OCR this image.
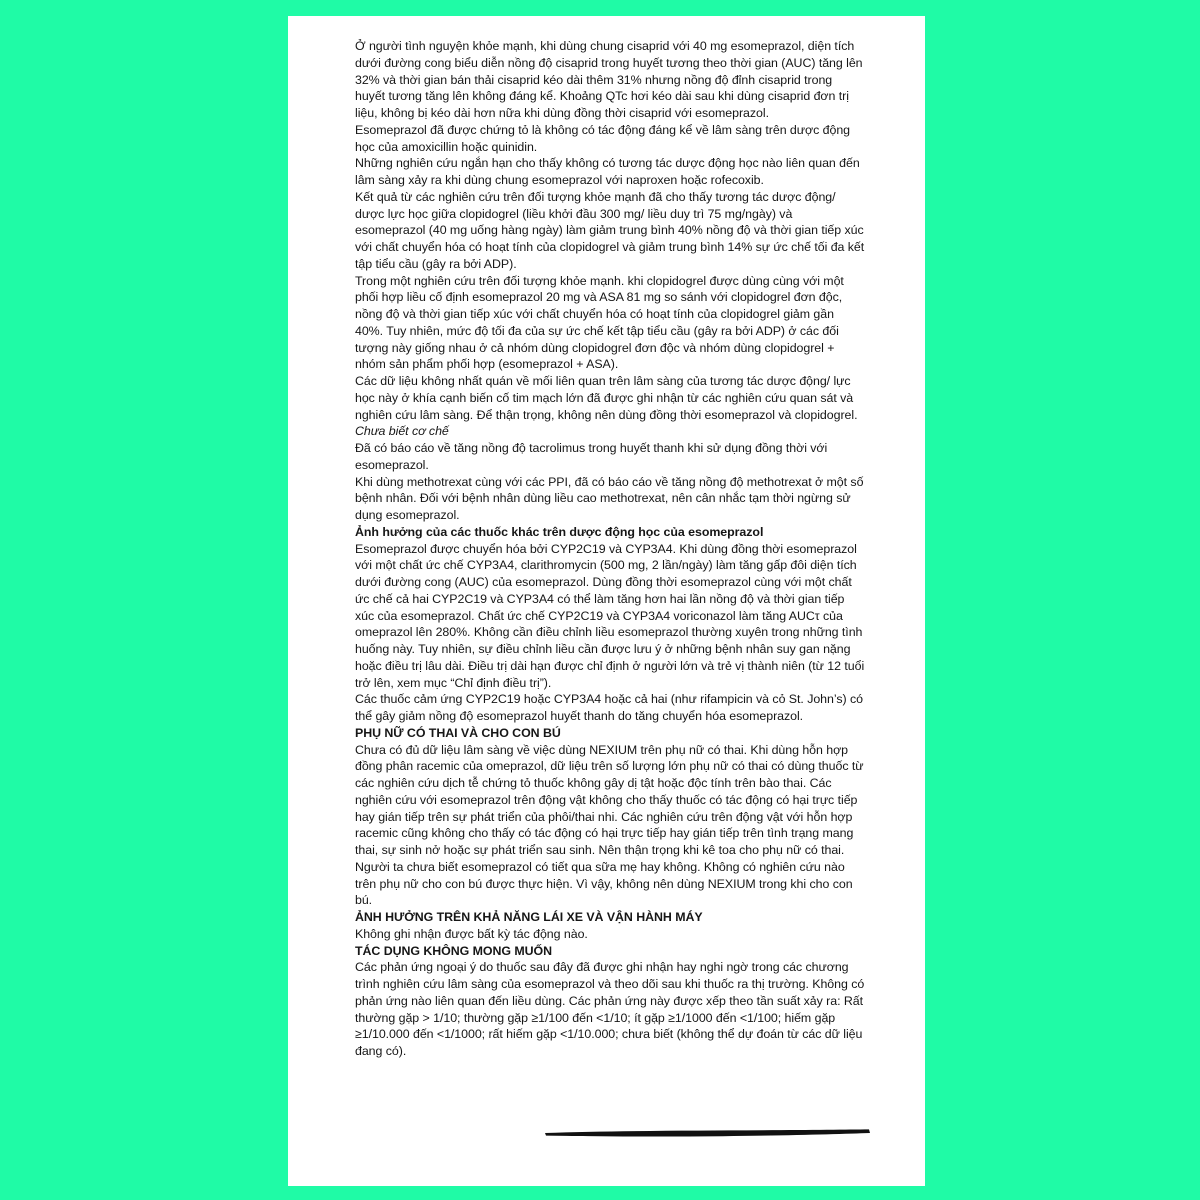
Ở người tình nguyện khỏe mạnh, khi dùng chung cisaprid với 40 mg esomeprazol, diện tích dưới đường cong biểu diễn nồng độ cisaprid trong huyết tương theo thời gian (AUC) tăng lên 32% và thời gian bán thải cisaprid kéo dài thêm 31% nhưng nồng độ đỉnh cisaprid trong huyết tương tăng lên không đáng kể. Khoảng QTc hơi kéo dài sau khi dùng cisaprid đơn trị liệu, không bị kéo dài hơn nữa khi dùng đồng thời cisaprid với esomeprazol.

Esomeprazol đã được chứng tỏ là không có tác động đáng kể về lâm sàng trên dược động học của amoxicillin hoặc quinidin.

Những nghiên cứu ngắn hạn cho thấy không có tương tác dược động học nào liên quan đến lâm sàng xảy ra khi dùng chung esomeprazol với naproxen hoặc rofecoxib.

Kết quả từ các nghiên cứu trên đối tượng khỏe mạnh đã cho thấy tương tác dược động/ dược lực học giữa clopidogrel (liều khởi đầu 300 mg/ liều duy trì 75 mg/ngày) và esomeprazol (40 mg uống hàng ngày) làm giảm trung bình 40% nồng độ và thời gian tiếp xúc với chất chuyển hóa có hoạt tính của clopidogrel và giảm trung bình 14% sự ức chế tối đa kết tập tiểu cầu (gây ra bởi ADP).

Trong một nghiên cứu trên đối tượng khỏe mạnh. khi clopidogrel được dùng cùng với một phối hợp liều cố định esomeprazol 20 mg và ASA 81 mg so sánh với clopidogrel đơn độc, nồng độ và thời gian tiếp xúc với chất chuyển hóa có hoạt tính của clopidogrel giảm gần 40%. Tuy nhiên, mức độ tối đa của sự ức chế kết tập tiểu cầu (gây ra bởi ADP) ở các đối tượng này giống nhau ở cả nhóm dùng clopidogrel đơn độc và nhóm dùng clopidogrel + nhóm sản phẩm phối hợp (esomeprazol + ASA).

Các dữ liệu không nhất quán về mối liên quan trên lâm sàng của tương tác dược động/ lực học này ở khía cạnh biến cố tim mạch lớn đã được ghi nhận từ các nghiên cứu quan sát và nghiên cứu lâm sàng. Để thận trọng, không nên dùng đồng thời esomeprazol và clopidogrel.

Chưa biết cơ chế

Đã có báo cáo về tăng nồng độ tacrolimus trong huyết thanh khi sử dụng đồng thời với esomeprazol.

Khi dùng methotrexat cùng với các PPI, đã có báo cáo về tăng nồng độ methotrexat ở một số bệnh nhân. Đối với bệnh nhân dùng liều cao methotrexat, nên cân nhắc tạm thời ngừng sử dụng esomeprazol.

Ảnh hưởng của các thuốc khác trên dược động học của esomeprazol

Esomeprazol được chuyển hóa bởi CYP2C19 và CYP3A4. Khi dùng đồng thời esomeprazol với một chất ức chế CYP3A4, clarithromycin (500 mg, 2 lần/ngày) làm tăng gấp đôi diện tích dưới đường cong (AUC) của esomeprazol. Dùng đồng thời esomeprazol cùng với một chất ức chế cả hai CYP2C19 và CYP3A4 có thể làm tăng hơn hai lần nồng độ và thời gian tiếp xúc của esomeprazol. Chất ức chế CYP2C19 và CYP3A4 voriconazol làm tăng AUCτ của omeprazol lên 280%. Không cần điều chỉnh liều esomeprazol thường xuyên trong những tình huống này. Tuy nhiên, sự điều chỉnh liều cần được lưu ý ở những bệnh nhân suy gan nặng hoặc điều trị lâu dài. Điều trị dài hạn được chỉ định ở người lớn và trẻ vị thành niên (từ 12 tuổi trở lên, xem mục “Chỉ định điều trị”).

Các thuốc cảm ứng CYP2C19 hoặc CYP3A4 hoặc cả hai (như rifampicin và cỏ St. John’s) có thể gây giảm nồng độ esomeprazol huyết thanh do tăng chuyển hóa esomeprazol.

PHỤ NỮ CÓ THAI VÀ CHO CON BÚ

Chưa có đủ dữ liệu lâm sàng về việc dùng NEXIUM trên phụ nữ có thai. Khi dùng hỗn hợp đồng phân racemic của omeprazol, dữ liệu trên số lượng lớn phụ nữ có thai có dùng thuốc từ các nghiên cứu dịch tễ chứng tỏ thuốc không gây dị tật hoặc độc tính trên bào thai. Các nghiên cứu với esomeprazol trên động vật không cho thấy thuốc có tác động có hại trực tiếp hay gián tiếp trên sự phát triển của phôi/thai nhi. Các nghiên cứu trên động vật với hỗn hợp racemic cũng không cho thấy có tác động có hại trực tiếp hay gián tiếp trên tình trạng mang thai, sự sinh nở hoặc sự phát triển sau sinh. Nên thận trọng khi kê toa cho phụ nữ có thai.

Người ta chưa biết esomeprazol có tiết qua sữa mẹ hay không. Không có nghiên cứu nào trên phụ nữ cho con bú được thực hiện. Vì vậy, không nên dùng NEXIUM trong khi cho con bú.

ẢNH HƯỞNG TRÊN KHẢ NĂNG LÁI XE VÀ VẬN HÀNH MÁY

Không ghi nhận được bất kỳ tác động nào.

TÁC DỤNG KHÔNG MONG MUỐN

Các phản ứng ngoại ý do thuốc sau đây đã được ghi nhận hay nghi ngờ trong các chương trình nghiên cứu lâm sàng của esomeprazol và theo dõi sau khi thuốc ra thị trường. Không có phản ứng nào liên quan đến liều dùng. Các phản ứng này được xếp theo tần suất xảy ra: Rất thường gặp > 1/10; thường gặp ≥1/100 đến <1/10; ít gặp ≥1/1000 đến <1/100; hiếm gặp ≥1/10.000 đến <1/1000; rất hiếm gặp <1/10.000; chưa biết (không thể dự đoán từ các dữ liệu đang có).
